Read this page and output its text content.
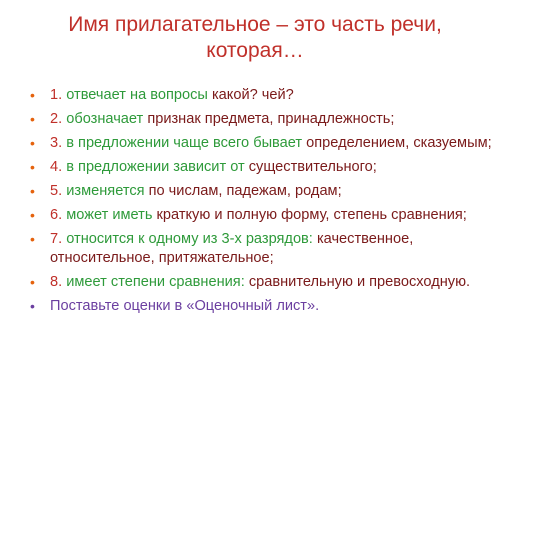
Имя прилагательное – это часть речи, которая…
• 1. отвечает на вопросы какой? чей?
• 2. обозначает признак предмета, принадлежность;
• 3. в предложении чаще всего бывает определением, сказуемым;
• 4. в предложении зависит от существительного;
• 5. изменяется по числам, падежам, родам;
• 6. может иметь краткую и полную форму, степень сравнения;
• 7. относится к одному из 3-х разрядов: качественное, относительное, притяжательное;
• 8. имеет степени сравнения: сравнительную и превосходную.
• Поставьте оценки в «Оценочный лист».
